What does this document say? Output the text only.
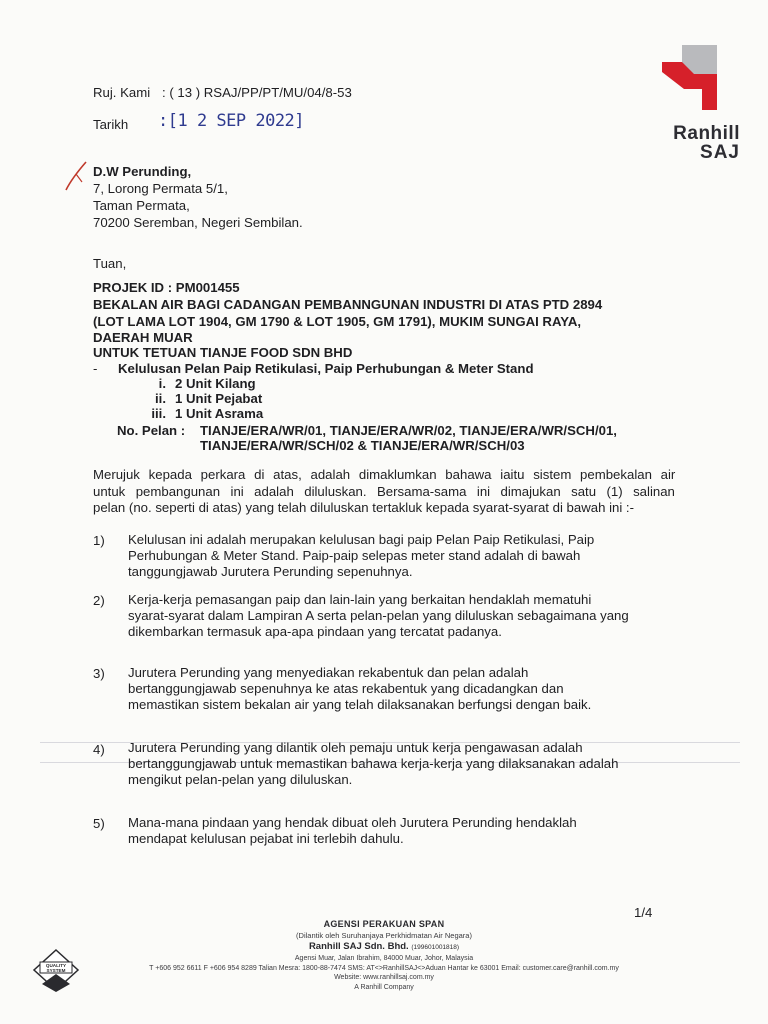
Ranhill
SAJ
Ruj. Kami : ( 13 ) RSAJ/PP/PT/MU/04/8-53
Tarikh :[1 2 SEP 2022]
D.W Perunding,
7, Lorong Permata 5/1,
Taman Permata,
70200 Seremban, Negeri Sembilan.
Tuan,
PROJEK ID : PM001455
BEKALAN AIR BAGI CADANGAN PEMBANNGUNAN INDUSTRI DI ATAS PTD 2894
(LOT LAMA LOT 1904, GM 1790 & LOT 1905, GM 1791), MUKIM SUNGAI RAYA,
DAERAH MUAR
UNTUK TETUAN TIANJE FOOD SDN BHD
- Kelulusan Pelan Paip Retikulasi, Paip Perhubungan & Meter Stand
i. 2 Unit Kilang
ii. 1 Unit Pejabat
iii. 1 Unit Asrama
No. Pelan : TIANJE/ERA/WR/01, TIANJE/ERA/WR/02, TIANJE/ERA/WR/SCH/01,
TIANJE/ERA/WR/SCH/02 & TIANJE/ERA/WR/SCH/03
Merujuk kepada perkara di atas, adalah dimaklumkan bahawa iaitu sistem pembekalan air
untuk pembangunan ini adalah diluluskan. Bersama-sama ini dimajukan satu (1) salinan
pelan (no. seperti di atas) yang telah diluluskan tertakluk kepada syarat-syarat di bawah ini :-
1)	Kelulusan ini adalah merupakan kelulusan bagi paip Pelan Paip Retikulasi, Paip
Perhubungan & Meter Stand. Paip-paip selepas meter stand adalah di bawah
tanggungjawab Jurutera Perunding sepenuhnya.
2)	Kerja-kerja pemasangan paip dan lain-lain yang berkaitan hendaklah mematuhi
syarat-syarat dalam Lampiran A serta pelan-pelan yang diluluskan sebagaimana yang
dikembarkan termasuk apa-apa pindaan yang tercatat padanya.
3)	Jurutera Perunding yang menyediakan rekabentuk dan pelan adalah
bertanggungjawab sepenuhnya ke atas rekabentuk yang dicadangkan dan
memastikan sistem bekalan air yang telah dilaksanakan berfungsi dengan baik.
4)	Jurutera Perunding yang dilantik oleh pemaju untuk kerja pengawasan adalah
bertanggungjawab untuk memastikan bahawa kerja-kerja yang dilaksanakan adalah
mengikut pelan-pelan yang diluluskan.
5)	Mana-mana pindaan yang hendak dibuat oleh Jurutera Perunding hendaklah
mendapat kelulusan pejabat ini terlebih dahulu.
1/4
QUALITY
SYSTEM
AGENSI PERAKUAN SPAN
(Dilantik oleh Suruhanjaya Perkhidmatan Air Negara)
Ranhill SAJ Sdn. Bhd. (199601001818)
Agensi Muar, Jalan Ibrahim, 84000 Muar, Johor, Malaysia
T +606 952 6611 F +606 954 8289 Talian Mesra: 1800-88-7474 SMS: AT<>RanhillSAJ<>Aduan Hantar ke 63001 Email: customer.care@ranhill.com.my
Website: www.ranhillsaj.com.my
A Ranhill Company
